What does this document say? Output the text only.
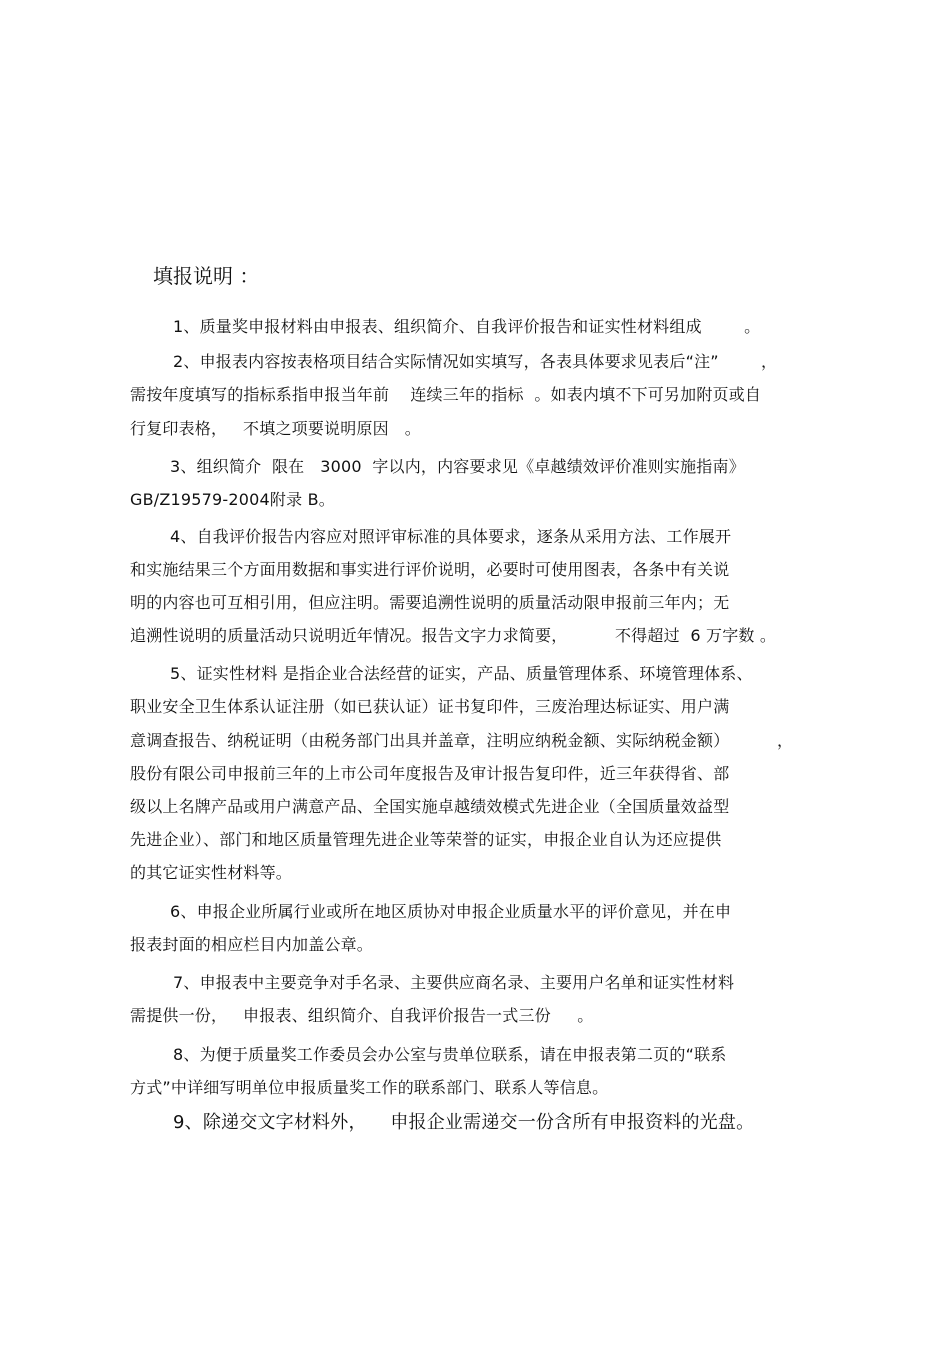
填报说明 ：
1、质量奖申报材料由申报表、组织简介、自我评价报告和证实性材料组成        。
2、申报表内容按表格项目结合实际情况如实填写，各表具体要求见表后“注”        ，
需按年度填写的指标系指申报当年前    连续三年的指标  。如表内填不下可另加附页或自
行复印表格，   不填之项要说明原因   。
3、组织简介  限在   3000  字以内，内容要求见《卓越绩效评价准则实施指南》
GB/Z19579-2004附录 B。
4、自我评价报告内容应对照评审标准的具体要求，逐条从采用方法、工作展开
和实施结果三个方面用数据和事实进行评价说明，必要时可使用图表，各条中有关说
明的内容也可互相引用，但应注明。需要追溯性说明的质量活动限申报前三年内；无
追溯性说明的质量活动只说明近年情况。报告文字力求简要，         不得超过  6 万字数 。
5、证实性材料 是指企业合法经营的证实，产品、质量管理体系、环境管理体系、
职业安全卫生体系认证注册（如已获认证）证书复印件，三废治理达标证实、用户满
意调查报告、纳税证明（由税务部门出具并盖章，注明应纳税金额、实际纳税金额）         ，
股份有限公司申报前三年的上市公司年度报告及审计报告复印件，近三年获得省、部
级以上名牌产品或用户满意产品、全国实施卓越绩效模式先进企业（全国质量效益型
先进企业）、部门和地区质量管理先进企业等荣誉的证实，申报企业自认为还应提供
的其它证实性材料等。
6、申报企业所属行业或所在地区质协对申报企业质量水平的评价意见，并在申
报表封面的相应栏目内加盖公章。
7、申报表中主要竞争对手名录、主要供应商名录、主要用户名单和证实性材料
需提供一份，   申报表、组织简介、自我评价报告一式三份     。
8、为便于质量奖工作委员会办公室与贵单位联系，请在申报表第二页的“联系
方式”中详细写明单位申报质量奖工作的联系部门、联系人等信息。
9、除递交文字材料外，    申报企业需递交一份含所有申报资料的光盘。
